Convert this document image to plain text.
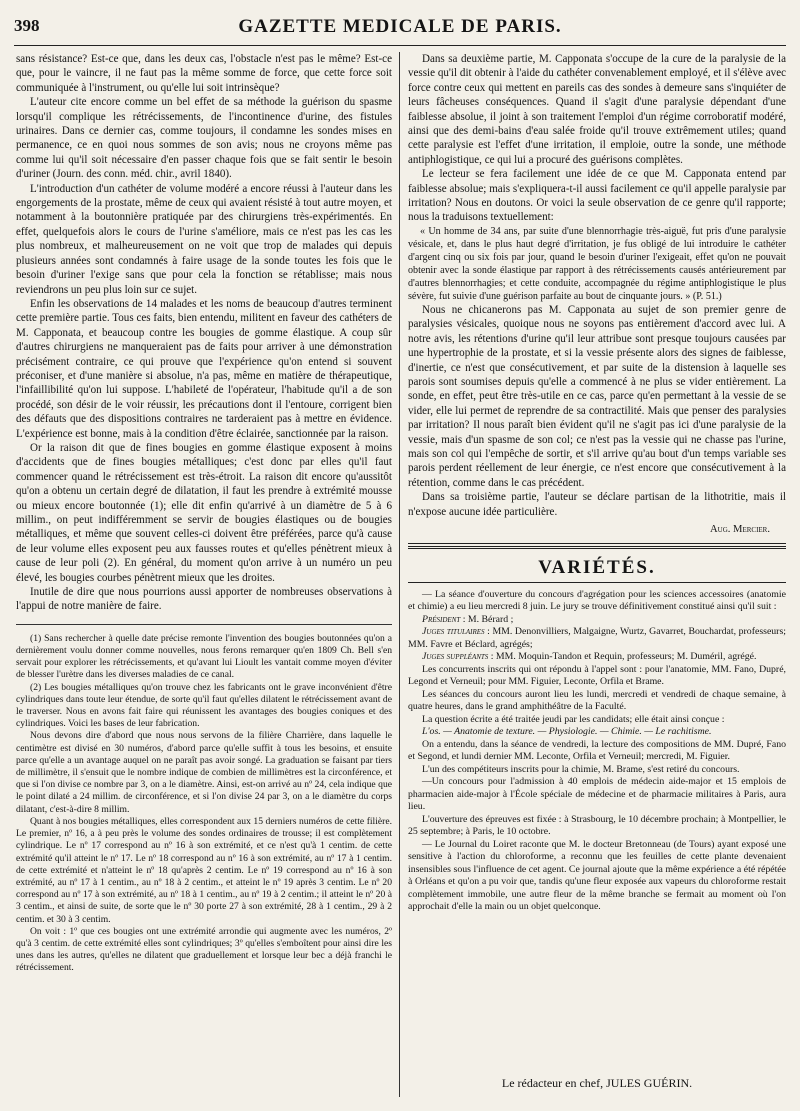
398	GAZETTE MEDICALE DE PARIS.

sans résistance? Est-ce que, dans les deux cas, l'obstacle n'est pas le même? Est-ce que, pour le vaincre, il ne faut pas la même somme de force, que cette force soit communiquée à l'instrument, ou qu'elle lui soit intrinsèque?

L'auteur cite encore comme un bel effet de sa méthode la guérison du spasme lorsqu'il complique les rétrécissements, de l'incontinence d'urine, des fistules urinaires. Dans ce dernier cas, comme toujours, il condamne les sondes mises en permanence, ce en quoi nous sommes de son avis; nous ne croyons même pas comme lui qu'il soit nécessaire d'en passer chaque fois que se fait sentir le besoin d'uriner (Journ. des conn. méd. chir., avril 1840).

L'introduction d'un cathéter de volume modéré a encore réussi à l'auteur dans les engorgements de la prostate, même de ceux qui avaient résisté à tout autre moyen, et notamment à la boutonnière pratiquée par des chirurgiens très-expérimentés. En effet, quelquefois alors le cours de l'urine s'améliore, mais ce n'est pas les cas les plus nombreux, et malheureusement on ne voit que trop de malades qui depuis plusieurs années sont condamnés à faire usage de la sonde toutes les fois que le besoin d'uriner l'exige sans que pour cela la fonction se rétablisse; mais nous reviendrons un peu plus loin sur ce sujet.

Enfin les observations de 14 malades et les noms de beaucoup d'autres terminent cette première partie. Tous ces faits, bien entendu, militent en faveur des cathéters de M. Capponata, et beaucoup contre les bougies de gomme élastique. A coup sûr d'autres chirurgiens ne manqueraient pas de faits pour arriver à une démonstration précisément contraire, ce qui prouve que l'expérience qu'on entend si souvent préconiser, et d'une manière si absolue, n'a pas, même en matière de thérapeutique, l'infaillibilité qu'on lui suppose. L'habileté de l'opérateur, l'habitude qu'il a de son procédé, son désir de le voir réussir, les précautions dont il l'entoure, corrigent bien des défauts que des dispositions contraires ne tarderaient pas à mettre en évidence. L'expérience est bonne, mais à la condition d'être éclairée, sanctionnée par la raison.

Or la raison dit que de fines bougies en gomme élastique exposent à moins d'accidents que de fines bougies métalliques; c'est donc par elles qu'il faut commencer quand le rétrécissement est très-étroit. La raison dit encore qu'aussitôt qu'on a obtenu un certain degré de dilatation, il faut les prendre à extrémité mousse ou mieux encore boutonnée (1); elle dit enfin qu'arrivé à un diamètre de 5 à 6 millim., on peut indifféremment se servir de bougies élastiques ou de bougies métalliques, et même que souvent celles-ci doivent être préférées, parce qu'à cause de leur volume elles exposent peu aux fausses routes et qu'elles pénètrent mieux à cause de leur poli (2). En général, du moment qu'on arrive à un numéro un peu élevé, les bougies courbes pénètrent mieux que les droites.

Inutile de dire que nous pourrions aussi apporter de nombreuses observations à l'appui de notre manière de faire.

(1) Sans rechercher à quelle date précise remonte l'invention des bougies boutonnées qu'on a dernièrement voulu donner comme nouvelles, nous ferons remarquer qu'en 1809 Ch. Bell s'en servait pour explorer les rétrécissements, et qu'avant lui Lioult les vantait comme moyen d'éviter de blesser l'urètre dans les diverses maladies de ce canal.

(2) Les bougies métalliques qu'on trouve chez les fabricants ont le grave inconvénient d'être cylindriques dans toute leur étendue, de sorte qu'il faut qu'elles dilatent le rétrécissement avant de le traverser. Nous en avons fait faire qui réunissent les avantages des bougies coniques et des cylindriques. Voici les bases de leur fabrication.

Nous devons dire d'abord que nous nous servons de la filière Charrière, dans laquelle le centimètre est divisé en 30 numéros, d'abord parce qu'elle suffit à tous les besoins, et ensuite parce qu'elle a un avantage auquel on ne paraît pas avoir songé. La graduation se faisant par tiers de millimètre, il s'ensuit que le nombre indique de combien de millimètres est la circonférence, et que si l'on divise ce nombre par 3, on a le diamètre. Ainsi, est-on arrivé au nº 24, cela indique que le point dilaté a 24 millim. de circonférence, et si l'on divise 24 par 3, on a le diamètre du corps dilatant, c'est-à-dire 8 millim.

Quant à nos bougies métalliques, elles correspondent aux 15 derniers numéros de cette filière. Le premier, nº 16, a à peu près le volume des sondes ordinaires de trousse; il est complètement cylindrique. Le nº 17 correspond au nº 16 à son extrémité, et ce n'est qu'à 1 centim. de cette extrémité qu'il atteint le nº 17. Le nº 18 correspond au nº 16 à son extrémité, au nº 17 à 1 centim. de cette extrémité et n'atteint le nº 18 qu'après 2 centim. Le nº 19 correspond au nº 16 à son extrémité, au nº 17 à 1 centim., au nº 18 à 2 centim., et atteint le nº 19 après 3 centim. Le nº 20 correspond au nº 17 à son extrémité, au nº 18 à 1 centim., au nº 19 à 2 centim.; il atteint le nº 20 à 3 centim., et ainsi de suite, de sorte que le nº 30 porte 27 à son extrémité, 28 à 1 centim., 29 à 2 centim. et 30 à 3 centim.

On voit : 1º que ces bougies ont une extrémité arrondie qui augmente avec les numéros, 2º qu'à 3 centim. de cette extrémité elles sont cylindriques; 3º qu'elles s'emboîtent pour ainsi dire les unes dans les autres, qu'elles ne dilatent que graduellement et lorsque leur bec a déjà franchi le rétrécissement.

Dans sa deuxième partie, M. Capponata s'occupe de la cure de la paralysie de la vessie qu'il dit obtenir à l'aide du cathéter convenablement employé, et il s'élève avec force contre ceux qui mettent en pareils cas des sondes à demeure sans s'inquiéter de leurs fâcheuses conséquences. Quand il s'agit d'une paralysie dépendant d'une faiblesse absolue, il joint à son traitement l'emploi d'un régime corroboratif modéré, ainsi que des demi-bains d'eau salée froide qu'il trouve extrêmement utiles; quand cette paralysie est l'effet d'une irritation, il emploie, outre la sonde, une méthode antiphlogistique, ce qui lui a procuré des guérisons complètes.

Le lecteur se fera facilement une idée de ce que M. Capponata entend par faiblesse absolue; mais s'expliquera-t-il aussi facilement ce qu'il appelle paralysie par irritation? Nous en doutons. Or voici la seule observation de ce genre qu'il rapporte; nous la traduisons textuellement:

« Un homme de 34 ans, par suite d'une blennorrhagie très-aiguë, fut pris d'une paralysie vésicale, et, dans le plus haut degré d'irritation, je fus obligé de lui introduire le cathéter d'argent cinq ou six fois par jour, quand le besoin d'uriner l'exigeait, effet qu'on ne pouvait obtenir avec la sonde élastique par rapport à des rétrécissements causés antérieurement par d'autres blennorrhagies; et cette conduite, accompagnée du régime antiphlogistique le plus sévère, fut suivie d'une guérison parfaite au bout de cinquante jours. » (P. 51.)

Nous ne chicanerons pas M. Capponata au sujet de son premier genre de paralysies vésicales, quoique nous ne soyons pas entièrement d'accord avec lui. A notre avis, les rétentions d'urine qu'il leur attribue sont presque toujours causées par une hypertrophie de la prostate, et si la vessie présente alors des signes de faiblesse, d'inertie, ce n'est que consécutivement, et par suite de la distension à laquelle ses parois sont soumises depuis qu'elle a commencé à ne plus se vider entièrement. La sonde, en effet, peut être très-utile en ce cas, parce qu'en permettant à la vessie de se vider, elle lui permet de reprendre de sa contractilité. Mais que penser des paralysies par irritation? Il nous paraît bien évident qu'il ne s'agit pas ici d'une paralysie de la vessie, mais d'un spasme de son col; ce n'est pas la vessie qui ne chasse pas l'urine, mais son col qui l'empêche de sortir, et s'il arrive qu'au bout d'un temps variable ses parois perdent réellement de leur énergie, ce n'est encore que consécutivement à la rétention, comme dans le cas précédent.

Dans sa troisième partie, l'auteur se déclare partisan de la lithotritie, mais il n'expose aucune idée particulière.

Aug. Mercier.
VARIÉTÉS.

— La séance d'ouverture du concours d'agrégation pour les sciences accessoires (anatomie et chimie) a eu lieu mercredi 8 juin. Le jury se trouve définitivement constitué ainsi qu'il suit :

Président : M. Bérard ;

Juges titulaires : MM. Denonvilliers, Malgaigne, Wurtz, Gavarret, Bouchardat, professeurs; MM. Favre et Béclard, agrégés;

Juges suppléants : MM. Moquin-Tandon et Requin, professeurs; M. Duméril, agrégé.

Les concurrents inscrits qui ont répondu à l'appel sont : pour l'anatomie, MM. Fano, Dupré, Legond et Verneuil; pour MM. Figuier, Leconte, Orfila et Brame.

Les séances du concours auront lieu les lundi, mercredi et vendredi de chaque semaine, à quatre heures, dans le grand amphithéâtre de la Faculté.

La question écrite a été traitée jeudi par les candidats; elle était ainsi conçue :

L'os. — Anatomie de texture. — Physiologie. — Chimie. — Le rachitisme.

On a entendu, dans la séance de vendredi, la lecture des compositions de MM. Dupré, Fano et Segond, et lundi dernier MM. Leconte, Orfila et Verneuil; mercredi, M. Figuier.

L'un des compétiteurs inscrits pour la chimie, M. Brame, s'est retiré du concours.

—Un concours pour l'admission à 40 emplois de médecin aide-major et 15 emplois de pharmacien aide-major à l'École spéciale de médecine et de pharmacie militaires à Paris, aura lieu.

L'ouverture des épreuves est fixée : à Strasbourg, le 10 décembre prochain; à Montpellier, le 25 septembre; à Paris, le 10 octobre.

— Le Journal du Loiret raconte que M. le docteur Bretonneau (de Tours) ayant exposé une sensitive à l'action du chloroforme, a reconnu que les feuilles de cette plante devenaient insensibles sous l'influence de cet agent. Ce journal ajoute que la même expérience a été répétée à Orléans et qu'on a pu voir que, tandis qu'une fleur exposée aux vapeurs du chloroforme restait complètement immobile, une autre fleur de la même branche se fermait au moment où l'on approchait d'elle la main ou un objet quelconque.

Le rédacteur en chef, JULES GUÉRIN.
